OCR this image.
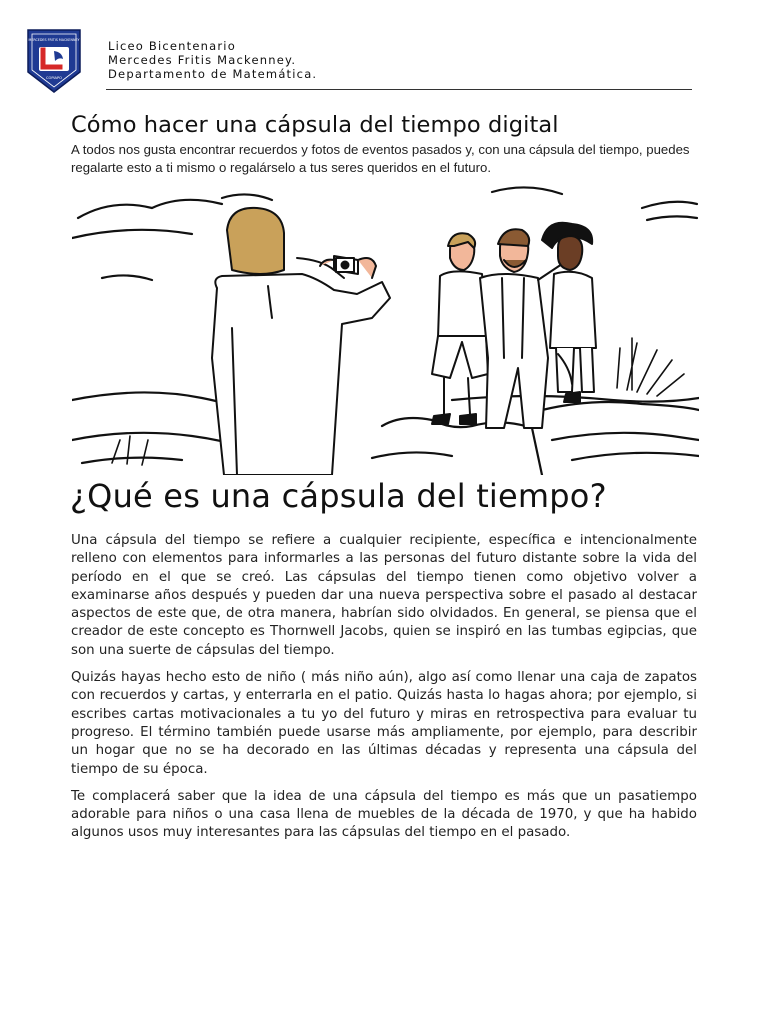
MERCEDES FRITIS MACKENNEY
COPIAPO
Liceo Bicentenario
Mercedes Fritis Mackenney.
Departamento de Matemática.
Cómo hacer una cápsula del tiempo digital

A todos nos gusta encontrar recuerdos y fotos de eventos pasados y, con una cápsula del tiempo, puedes regalarte esto a ti mismo o regalárselo a tus seres queridos en el futuro.

¿Qué es una cápsula del tiempo?

Una cápsula del tiempo se refiere a cualquier recipiente, específica e intencionalmente relleno con elementos para informarles a las personas del futuro distante sobre la vida del período en el que se creó. Las cápsulas del tiempo tienen como objetivo volver a examinarse años después y pueden dar una nueva perspectiva sobre el pasado al destacar aspectos de este que, de otra manera, habrían sido olvidados. En general, se piensa que el creador de este concepto es Thornwell Jacobs, quien se inspiró en las tumbas egipcias, que son una suerte de cápsulas del tiempo.

Quizás hayas hecho esto de niño ( más niño aún), algo así como llenar una caja de zapatos con recuerdos y cartas, y enterrarla en el patio. Quizás hasta lo hagas ahora; por ejemplo, si escribes cartas motivacionales a tu yo del futuro y miras en retrospectiva para evaluar tu progreso. El término también puede usarse más ampliamente, por ejemplo, para describir un hogar que no se ha decorado en las últimas décadas y representa una cápsula del tiempo de su época.

Te complacerá saber que la idea de una cápsula del tiempo es más que un pasatiempo adorable para niños o una casa llena de muebles de la década de 1970, y que ha habido algunos usos muy interesantes para las cápsulas del tiempo en el pasado.
